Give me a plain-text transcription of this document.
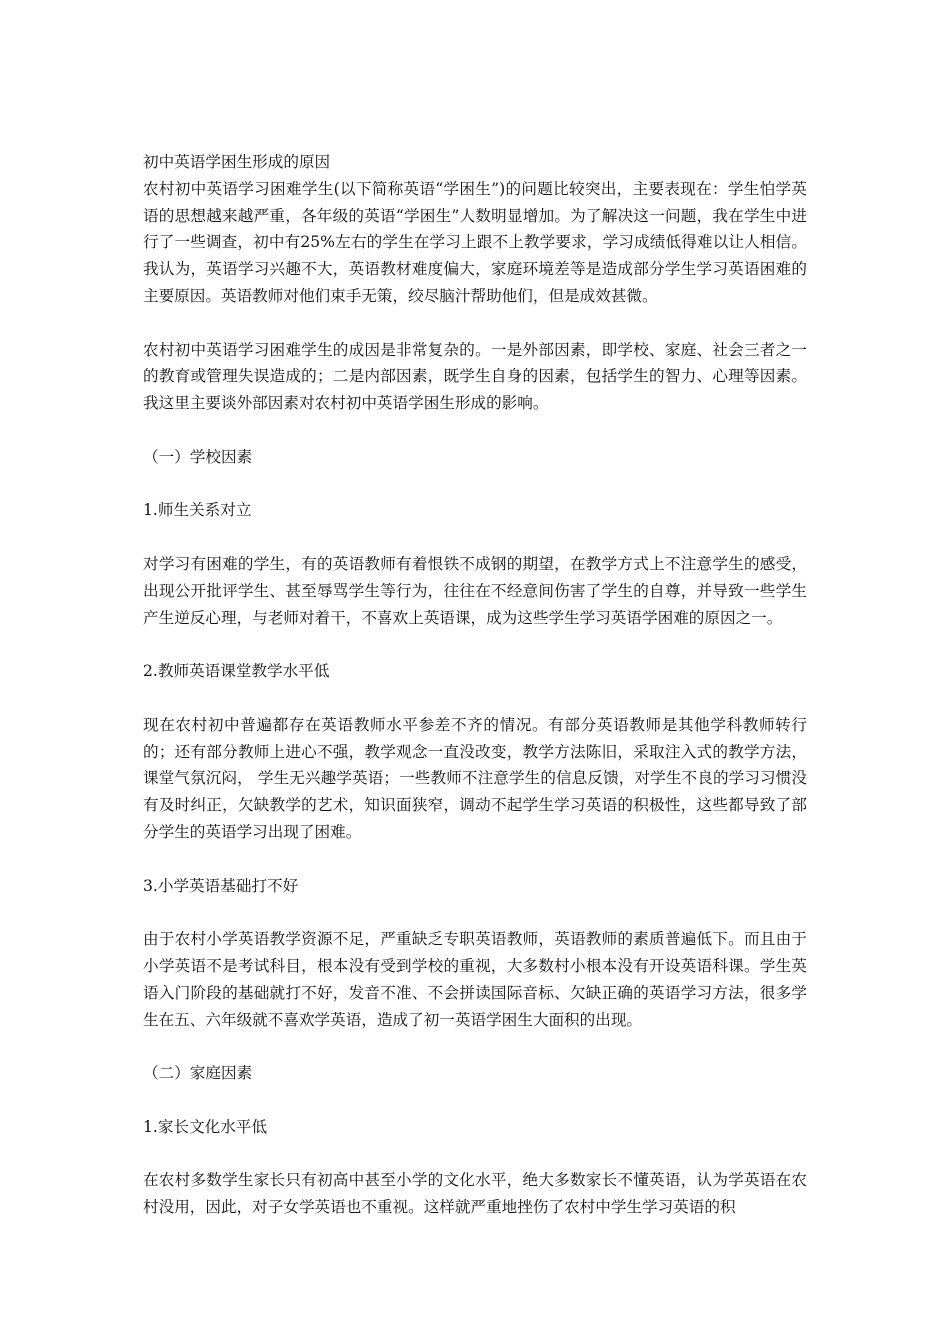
初中英语学困生形成的原因

农村初中英语学习困难学生(以下简称英语“学困生”)的问题比较突出，主要表现在：学生怕学英语的思想越来越严重，各年级的英语“学困生”人数明显增加。为了解决这一问题，我在学生中进行了一些调查，初中有25%左右的学生在学习上跟不上教学要求，学习成绩低得难以让人相信。我认为，英语学习兴趣不大，英语教材难度偏大，家庭环境差等是造成部分学生学习英语困难的主要原因。英语教师对他们束手无策，绞尽脑汁帮助他们，但是成效甚微。

农村初中英语学习困难学生的成因是非常复杂的。一是外部因素，即学校、家庭、社会三者之一的教育或管理失误造成的；二是内部因素，既学生自身的因素，包括学生的智力、心理等因素。我这里主要谈外部因素对农村初中英语学困生形成的影响。

（一）学校因素

1.师生关系对立

对学习有困难的学生，有的英语教师有着恨铁不成钢的期望，在教学方式上不注意学生的感受，出现公开批评学生、甚至辱骂学生等行为，往往在不经意间伤害了学生的自尊，并导致一些学生产生逆反心理，与老师对着干，不喜欢上英语课，成为这些学生学习英语学困难的原因之一。

2.教师英语课堂教学水平低

现在农村初中普遍都存在英语教师水平参差不齐的情况。有部分英语教师是其他学科教师转行的；还有部分教师上进心不强，教学观念一直没改变，教学方法陈旧，采取注入式的教学方法，课堂气氛沉闷， 学生无兴趣学英语；一些教师不注意学生的信息反馈，对学生不良的学习习惯没有及时纠正，欠缺教学的艺术，知识面狭窄，调动不起学生学习英语的积极性，这些都导致了部分学生的英语学习出现了困难。

3.小学英语基础打不好

由于农村小学英语教学资源不足，严重缺乏专职英语教师，英语教师的素质普遍低下。而且由于小学英语不是考试科目，根本没有受到学校的重视，大多数村小根本没有开设英语科课。学生英语入门阶段的基础就打不好，发音不准、不会拼读国际音标、欠缺正确的英语学习方法，很多学生在五、六年级就不喜欢学英语，造成了初一英语学困生大面积的出现。

（二）家庭因素

1.家长文化水平低

在农村多数学生家长只有初高中甚至小学的文化水平，绝大多数家长不懂英语，认为学英语在农村没用，因此，对子女学英语也不重视。这样就严重地挫伤了农村中学生学习英语的积
